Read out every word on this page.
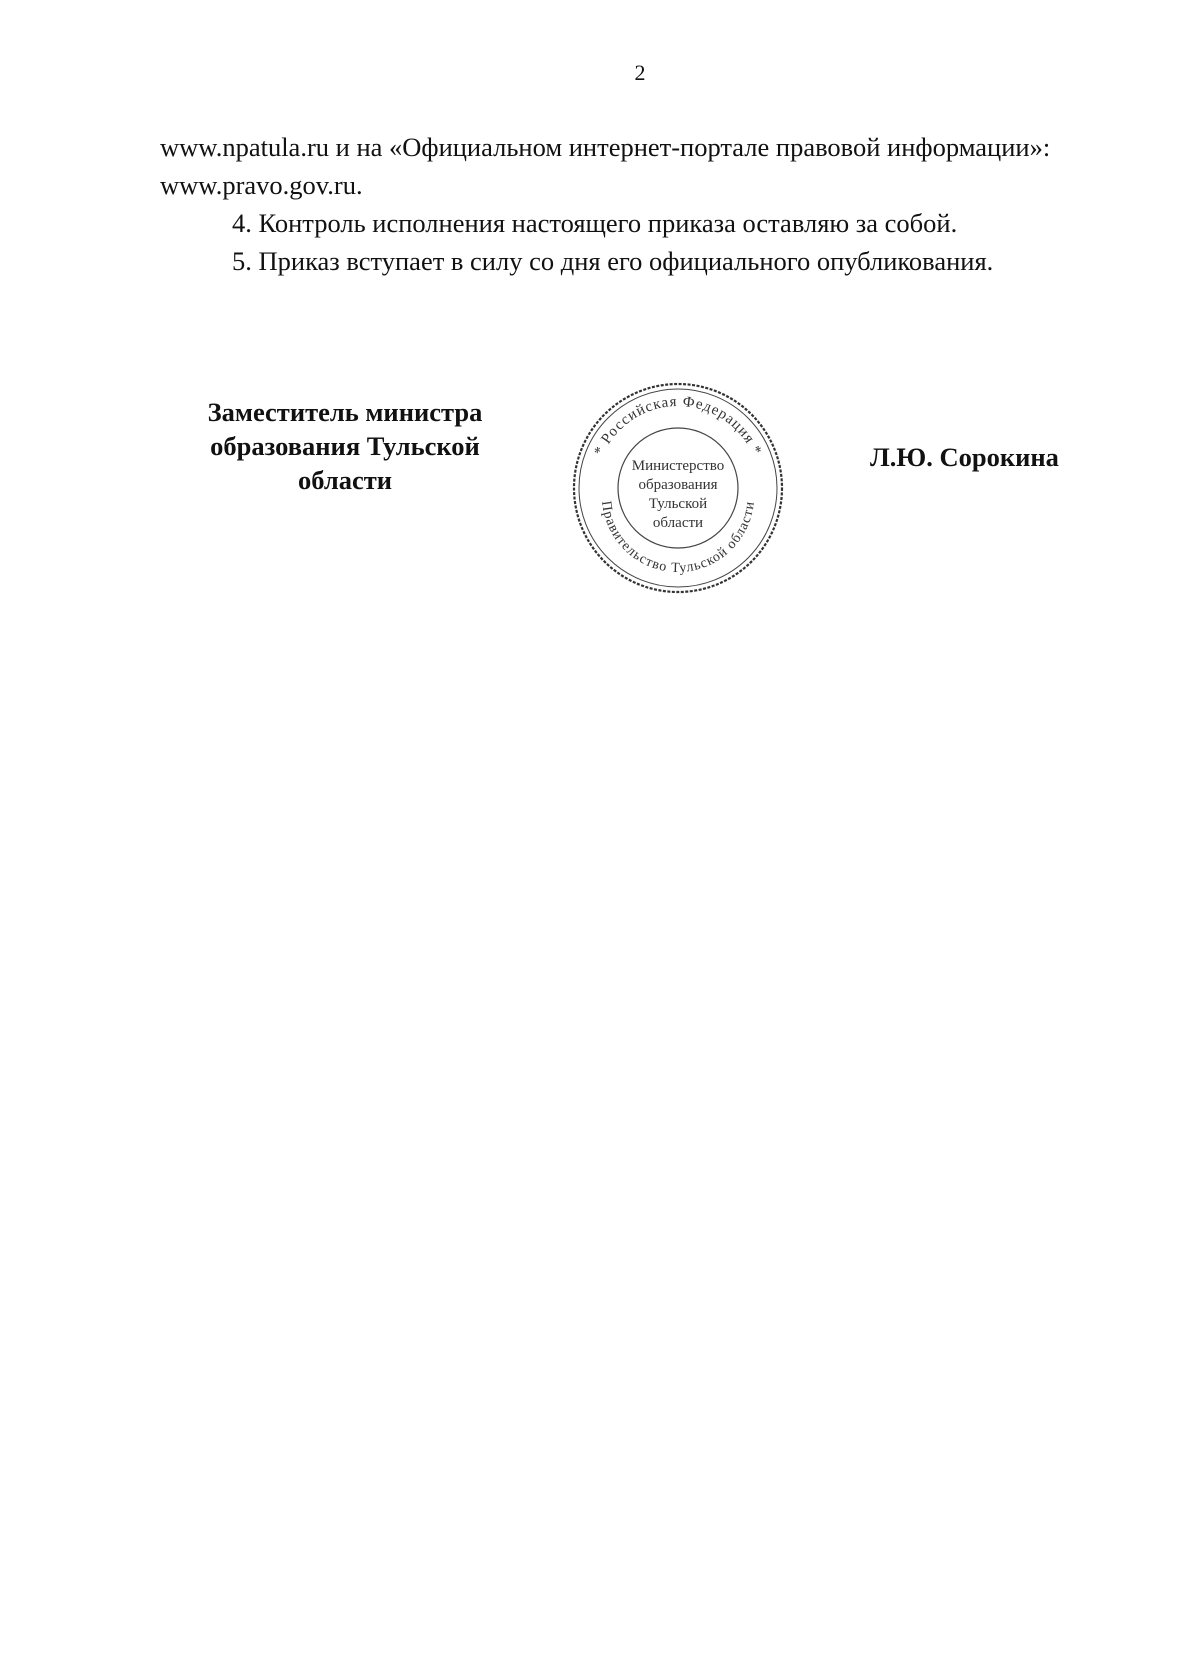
2

www.npatula.ru и на «Официальном интернет-портале правовой информации»:
www.pravo.gov.ru.

4. Контроль исполнения настоящего приказа оставляю за собой.

5. Приказ вступает в силу со дня его официального опубликования.

Заместитель министра
образования Тульской
области
* Российская Федерация *
Правительство Тульской области
Министерство
образования
Тульской
области
Л.Ю. Сорокина
